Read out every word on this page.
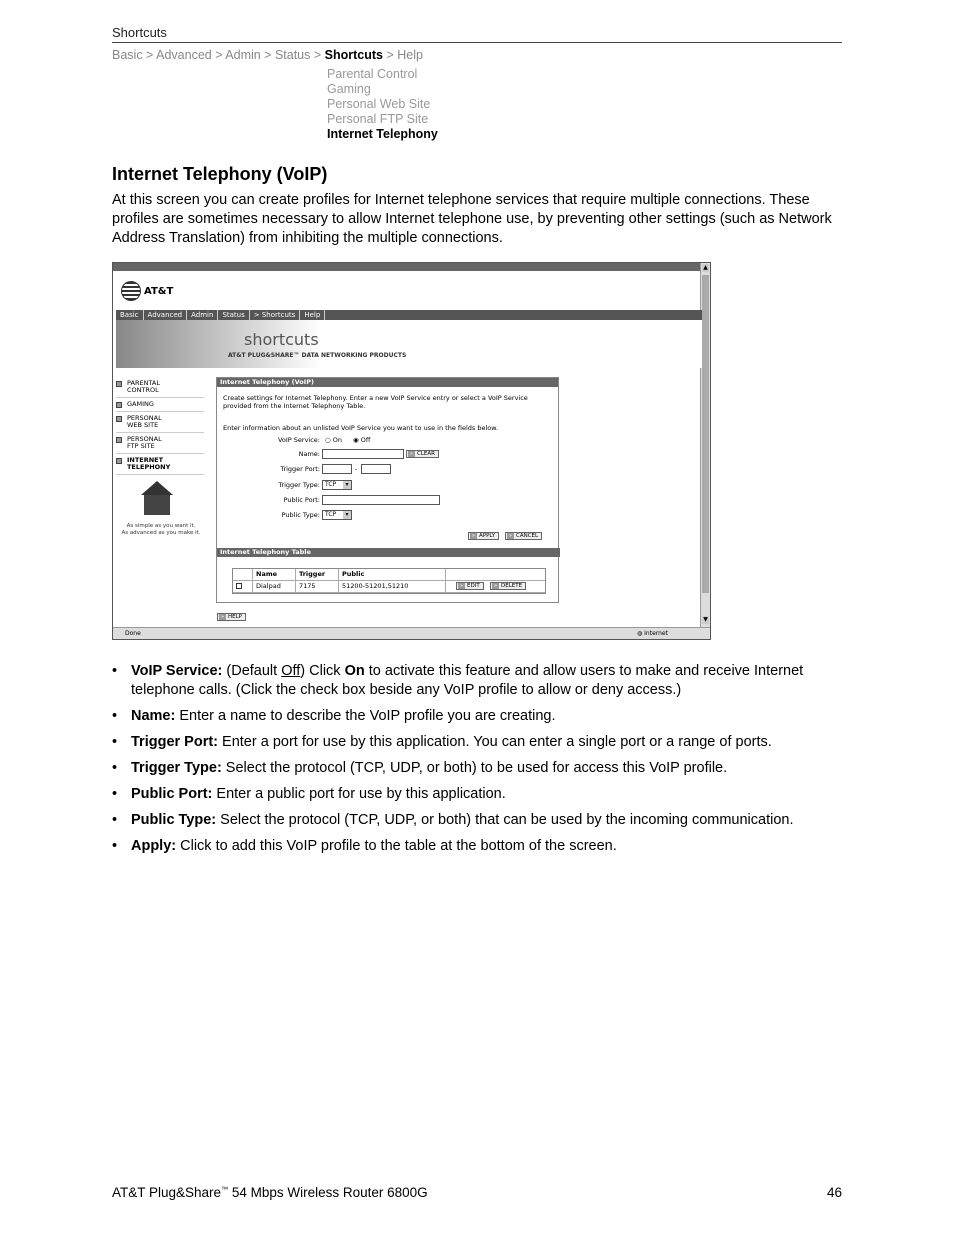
Shortcuts
Basic > Advanced > Admin > Status > Shortcuts > Help
Parental Control
Gaming
Personal Web Site
Personal FTP Site
Internet Telephony
Internet Telephony (VoIP)
At this screen you can create profiles for Internet telephone services that require multiple connections. These profiles are sometimes necessary to allow Internet telephone use, by preventing other settings (such as Network Address Translation) from inhibiting the multiple connections.
▲
▼
AT&T
Basic	Advanced	Admin	Status	> Shortcuts	Help
shortcuts
AT&T PLUG&SHARE™ DATA NETWORKING PRODUCTS
PARENTAL
CONTROL
GAMING
PERSONAL
WEB SITE
PERSONAL
FTP SITE
INTERNET
TELEPHONY
As simple as you want it.
As advanced as you make it.
Internet Telephony (VoIP)
Create settings for Internet Telephony. Enter a new VoIP Service entry or select a VoIP Service provided from the Internet Telephony Table.
Enter information about an unlisted VoIP Service you want to use in the fields below.
VoIP Service: ○ On ◉ Off
Name:	» CLEAR
Trigger Port:	-
Trigger Type: TCP ▾
Public Port:
Public Type: TCP ▾
» APPLY	» CANCEL
Internet Telephony Table
Name	Trigger	Public
Dialpad	7175	51200-51201,51210	» EDIT	» DELETE
» HELP
Done	◍ Internet
• VoIP Service: (Default Off) Click On to activate this feature and allow users to make and receive Internet telephone calls. (Click the check box beside any VoIP profile to allow or deny access.)
• Name: Enter a name to describe the VoIP profile you are creating.
• Trigger Port: Enter a port for use by this application. You can enter a single port or a range of ports.
• Trigger Type: Select the protocol (TCP, UDP, or both) to be used for access this VoIP profile.
• Public Port: Enter a public port for use by this application.
• Public Type: Select the protocol (TCP, UDP, or both) that can be used by the incoming communication.
• Apply: Click to add this VoIP profile to the table at the bottom of the screen.
AT&T Plug&Share™ 54 Mbps Wireless Router 6800G	46
